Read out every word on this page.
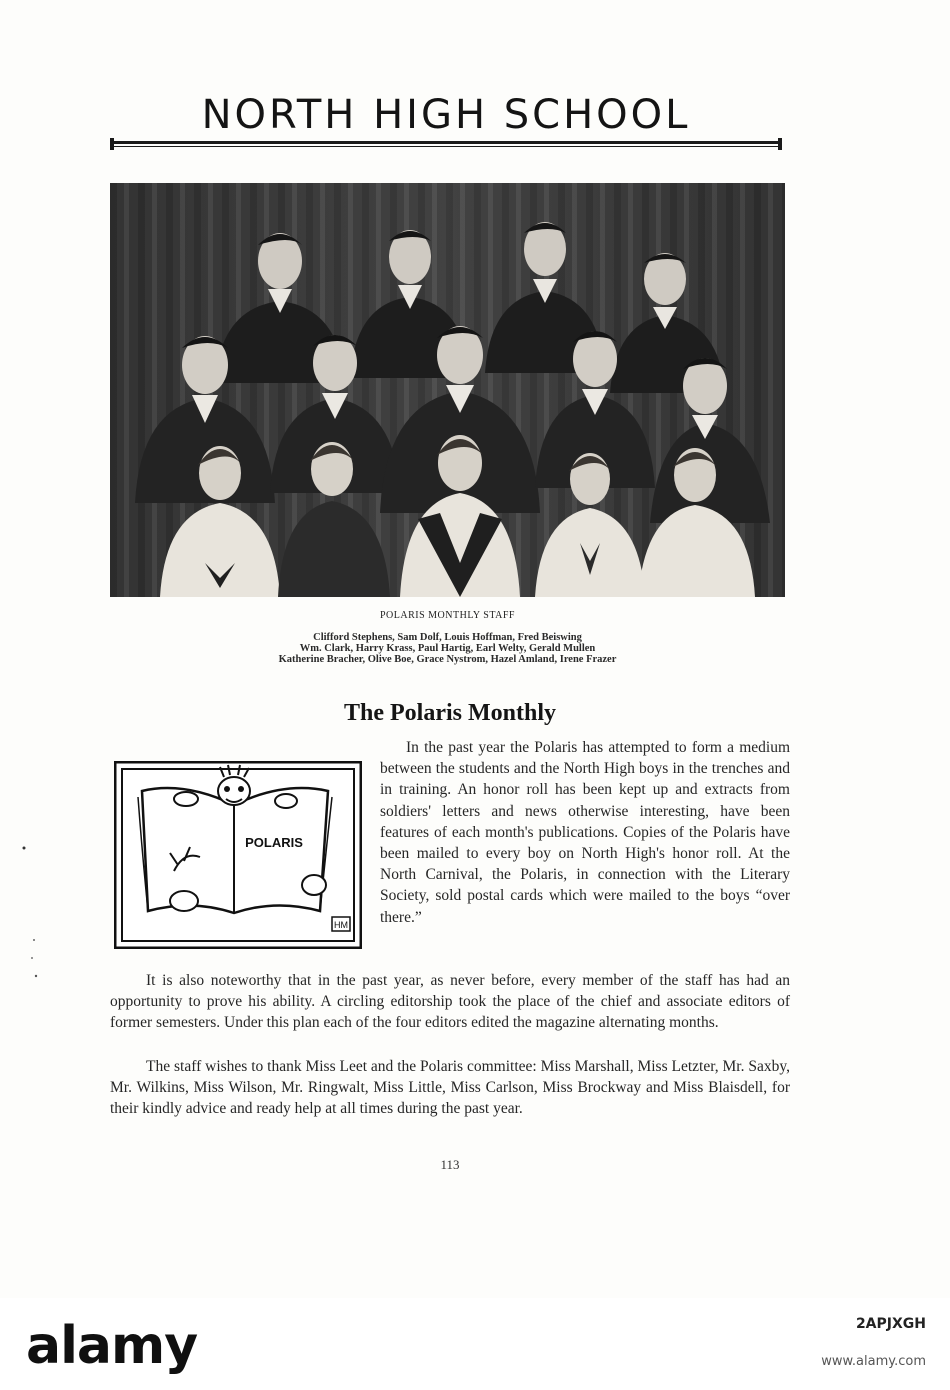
NORTH HIGH SCHOOL
POLARIS MONTHLY STAFF
Clifford Stephens, Sam Dolf, Louis Hoffman, Fred Beiswing
Wm. Clark, Harry Krass, Paul Hartig, Earl Welty, Gerald Mullen
Katherine Bracher, Olive Boe, Grace Nystrom, Hazel Amland, Irene Frazer
The Polaris Monthly
POLARIS
HM

In the past year the Polaris has attempted to form a medium between the students and the North High boys in the trenches and in training. An honor roll has been kept up and extracts from soldiers' letters and news otherwise interesting, have been features of each month's publications. Copies of the Polaris have been mailed to every boy on North High's honor roll. At the North Carnival, the Polaris, in connection with the Literary Society, sold postal cards which were mailed to the boys “over there.”

It is also noteworthy that in the past year, as never before, every member of the staff has had an opportunity to prove his ability. A circling editorship took the place of the chief and associate editors of former semesters. Under this plan each of the four editors edited the magazine alternating months.

The staff wishes to thank Miss Leet and the Polaris committee: Miss Marshall, Miss Letzter, Mr. Saxby, Mr. Wilkins, Miss Wilson, Mr. Ringwalt, Miss Little, Miss Carlson, Miss Brockway and Miss Blaisdell, for their kindly advice and ready help at all times during the past year.

113
alamy	2APJXGH
www.alamy.com
